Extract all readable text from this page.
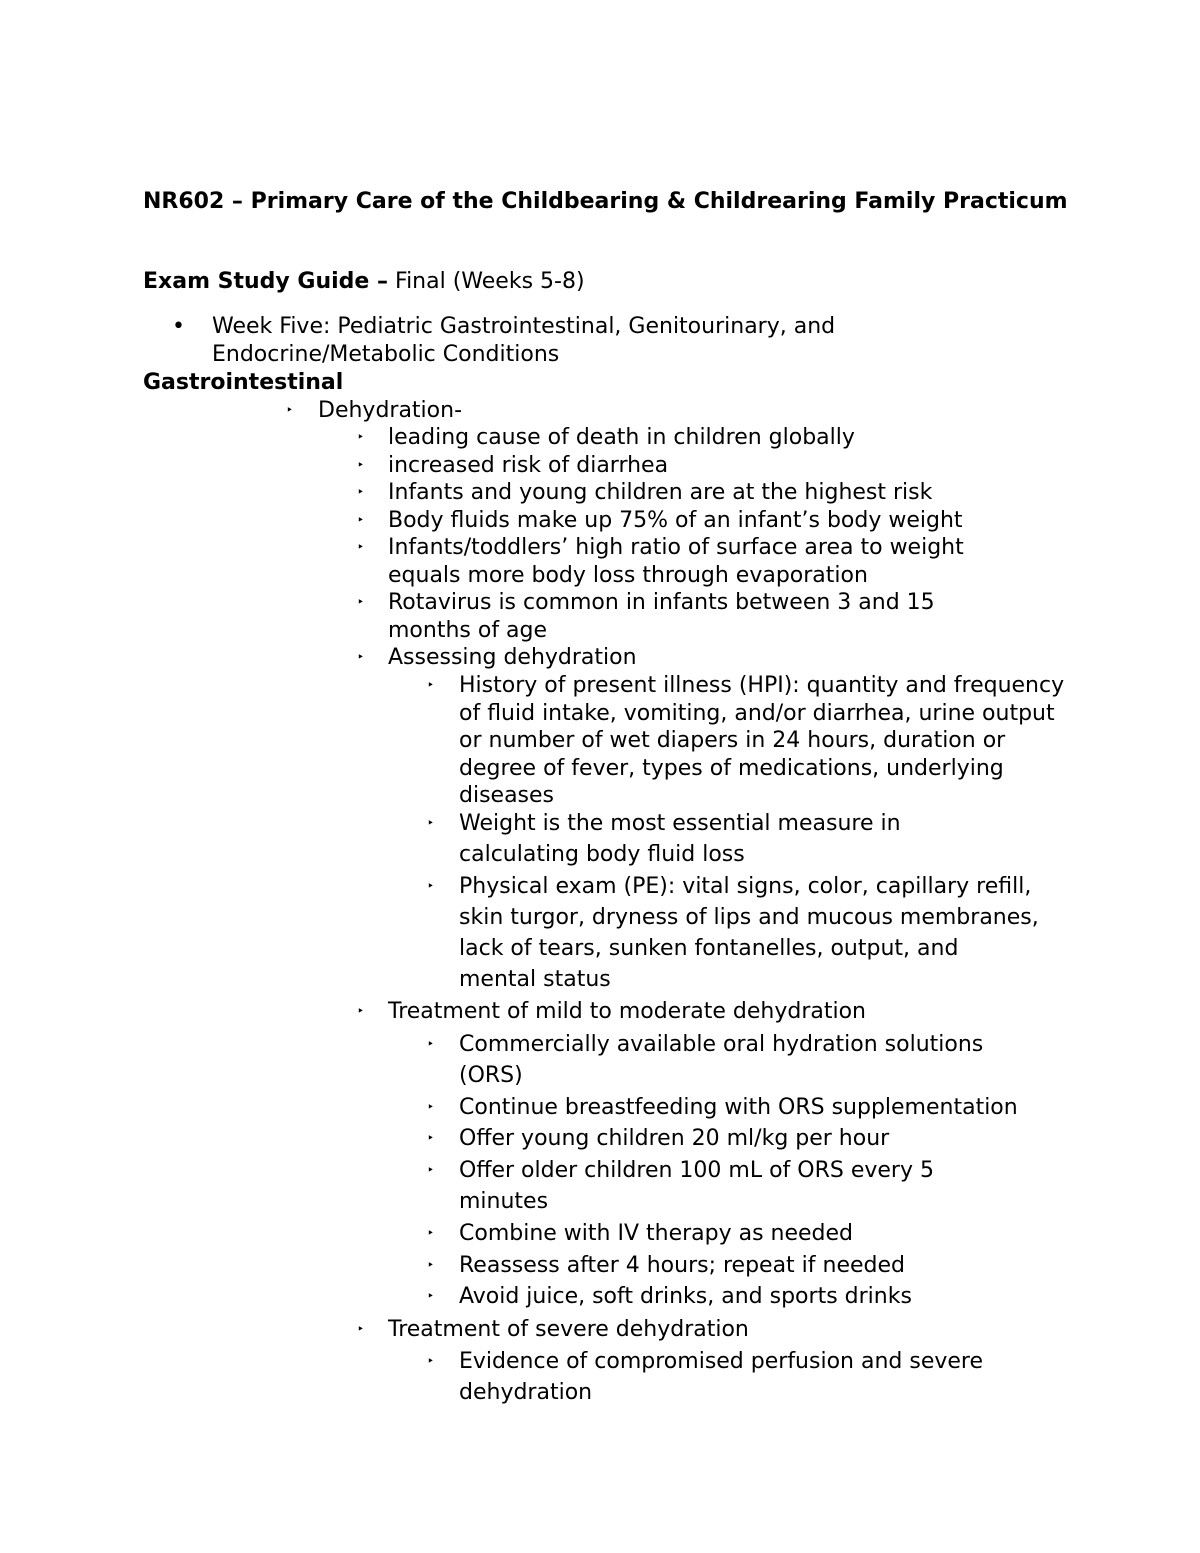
NR602 – Primary Care of the Childbearing & Childrearing Family Practicum

Exam Study Guide – Final (Weeks 5-8)

• Week Five: Pediatric Gastrointestinal, Genitourinary, and Endocrine/Metabolic Conditions

Gastrointestinal
‣ Dehydration-

‣ leading cause of death in children globally

‣ increased risk of diarrhea

‣ Infants and young children are at the highest risk

‣ Body fluids make up 75% of an infant’s body weight

‣ Infants/toddlers’ high ratio of surface area to weight equals more body loss through evaporation

‣ Rotavirus is common in infants between 3 and 15 months of age

‣ Assessing dehydration

‣ History of present illness (HPI): quantity and frequency of fluid intake, vomiting, and/or diarrhea, urine output or number of wet diapers in 24 hours, duration or degree of fever, types of medications, underlying diseases

‣ Weight is the most essential measure in calculating body fluid loss

‣ Physical exam (PE): vital signs, color, capillary refill, skin turgor, dryness of lips and mucous membranes, lack of tears, sunken fontanelles, output, and mental status

‣ Treatment of mild to moderate dehydration

‣ Commercially available oral hydration solutions (ORS)

‣ Continue breastfeeding with ORS supplementation

‣ Offer young children 20 ml/kg per hour

‣ Offer older children 100 mL of ORS every 5 minutes

‣ Combine with IV therapy as needed

‣ Reassess after 4 hours; repeat if needed

‣ Avoid juice, soft drinks, and sports drinks

‣ Treatment of severe dehydration

‣ Evidence of compromised perfusion and severe dehydration
